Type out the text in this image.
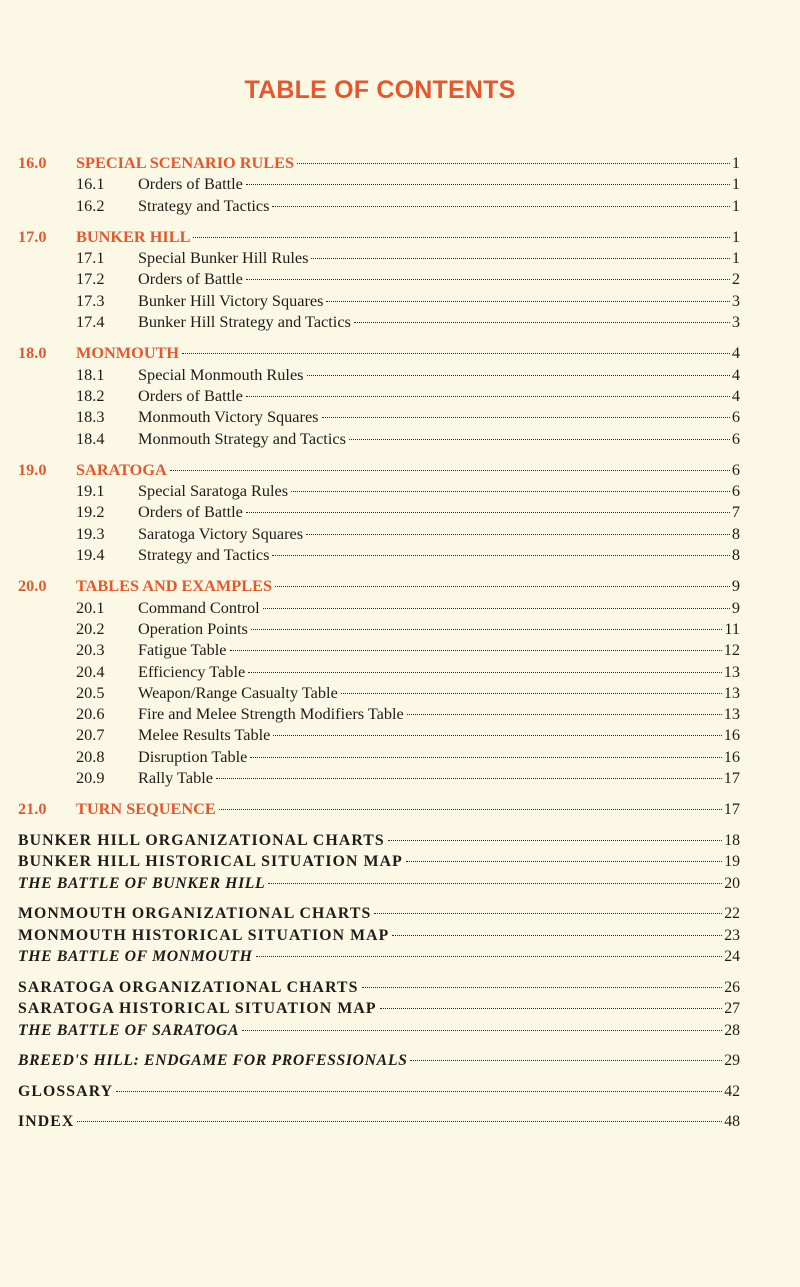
TABLE OF CONTENTS
16.0	SPECIAL SCENARIO RULES	1
16.1	Orders of Battle	1
16.2	Strategy and Tactics	1
17.0	BUNKER HILL	1
17.1	Special Bunker Hill Rules	1
17.2	Orders of Battle	2
17.3	Bunker Hill Victory Squares	3
17.4	Bunker Hill Strategy and Tactics	3
18.0	MONMOUTH	4
18.1	Special Monmouth Rules	4
18.2	Orders of Battle	4
18.3	Monmouth Victory Squares	6
18.4	Monmouth Strategy and Tactics	6
19.0	SARATOGA	6
19.1	Special Saratoga Rules	6
19.2	Orders of Battle	7
19.3	Saratoga Victory Squares	8
19.4	Strategy and Tactics	8
20.0	TABLES AND EXAMPLES	9
20.1	Command Control	9
20.2	Operation Points	11
20.3	Fatigue Table	12
20.4	Efficiency Table	13
20.5	Weapon/Range Casualty Table	13
20.6	Fire and Melee Strength Modifiers Table	13
20.7	Melee Results Table	16
20.8	Disruption Table	16
20.9	Rally Table	17
21.0	TURN SEQUENCE	17
BUNKER HILL ORGANIZATIONAL CHARTS	18
BUNKER HILL HISTORICAL SITUATION MAP	19
THE BATTLE OF BUNKER HILL	20
MONMOUTH ORGANIZATIONAL CHARTS	22
MONMOUTH HISTORICAL SITUATION MAP	23
THE BATTLE OF MONMOUTH	24
SARATOGA ORGANIZATIONAL CHARTS	26
SARATOGA HISTORICAL SITUATION MAP	27
THE BATTLE OF SARATOGA	28
BREED'S HILL: ENDGAME FOR PROFESSIONALS	29
GLOSSARY	42
INDEX	48
